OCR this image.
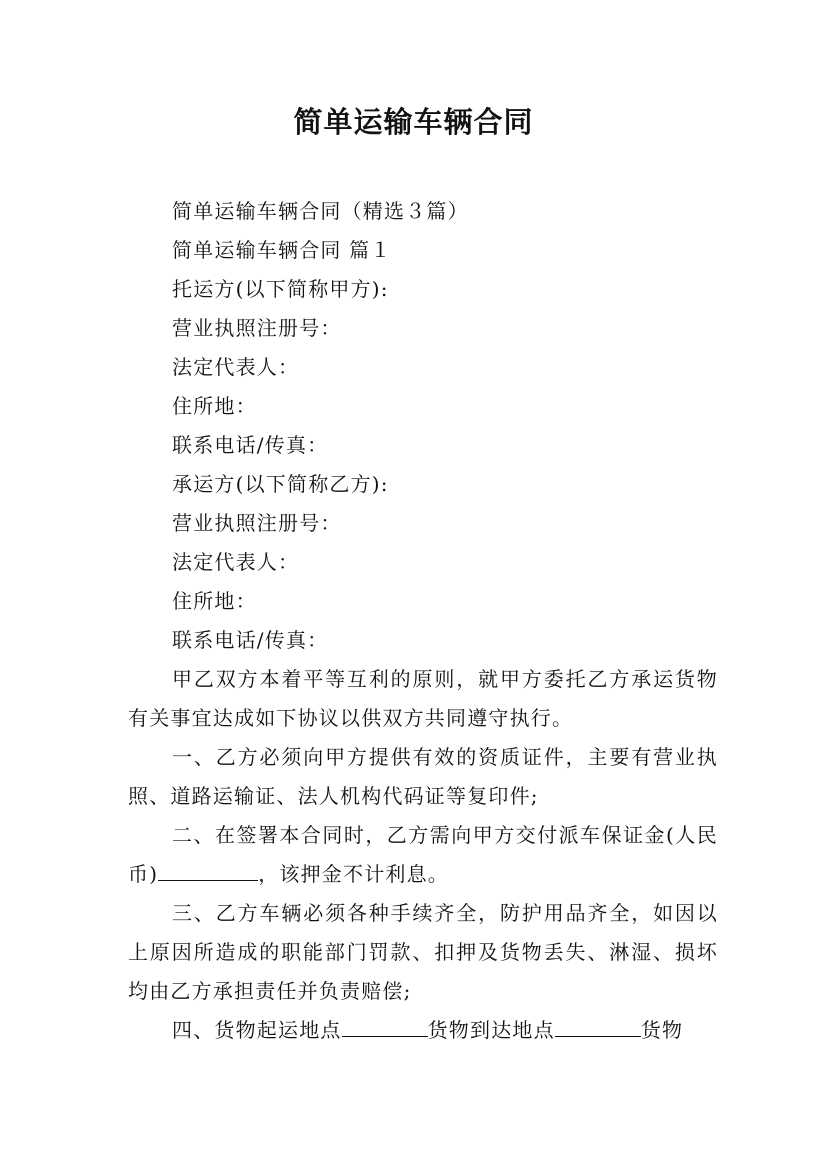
简单运输车辆合同

简单运输车辆合同（精选３篇）

简单运输车辆合同 篇１

托运方(以下简称甲方):

营业执照注册号：

法定代表人：

住所地：

联系电话/传真：

承运方(以下简称乙方):

营业执照注册号：

法定代表人：

住所地：

联系电话/传真：

甲乙双方本着平等互利的原则，就甲方委托乙方承运货物有关事宜达成如下协议以供双方共同遵守执行。

一、乙方必须向甲方提供有效的资质证件，主要有营业执照、道路运输证、法人机构代码证等复印件;

二、在签署本合同时，乙方需向甲方交付派车保证金(人民币)	，该押金不计利息。

三、乙方车辆必须各种手续齐全，防护用品齐全，如因以上原因所造成的职能部门罚款、扣押及货物丢失、淋湿、损坏均由乙方承担责任并负责赔偿;

四、货物起运地点	货物到达地点	货物
